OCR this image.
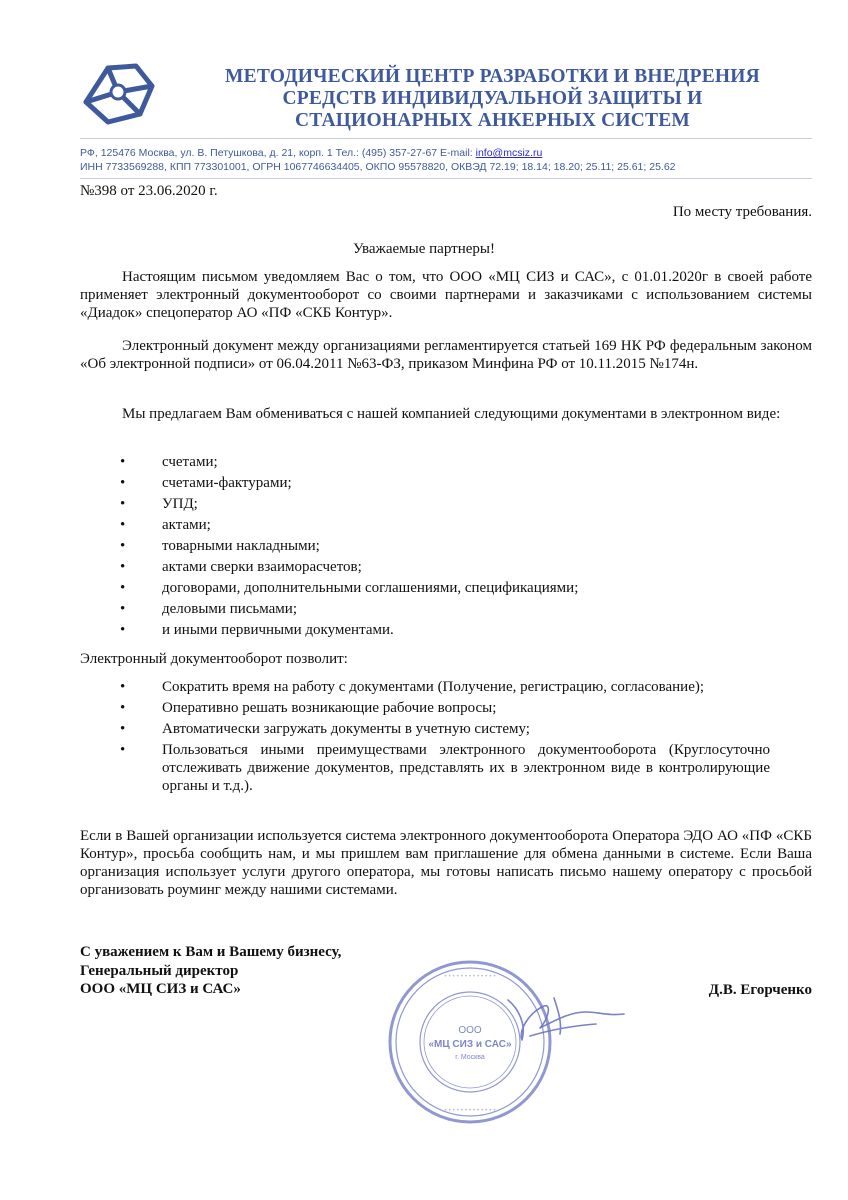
МЕТОДИЧЕСКИЙ ЦЕНТР РАЗРАБОТКИ И ВНЕДРЕНИЯ
СРЕДСТВ ИНДИВИДУАЛЬНОЙ ЗАЩИТЫ И
СТАЦИОНАРНЫХ АНКЕРНЫХ СИСТЕМ
РФ, 125476 Москва, ул. В. Петушкова, д. 21, корп. 1 Тел.: (495) 357-27-67 E-mail: info@mcsiz.ru
ИНН 7733569288, КПП 773301001, ОГРН 1067746634405, ОКПО 95578820, ОКВЭД 72.19; 18.14; 18.20; 25.11; 25.61; 25.62
№398 от 23.06.2020 г.
По месту требования.
Уважаемые партнеры!

Настоящим письмом уведомляем Вас о том, что ООО «МЦ СИЗ и САС», с 01.01.2020г в своей работе применяет электронный документооборот со своими партнерами и заказчиками с использованием системы «Диадок» спецоператор АО «ПФ «СКБ Контур».

Электронный документ между организациями регламентируется статьей 169 НК РФ федеральным законом «Об электронной подписи» от 06.04.2011 №63-ФЗ, приказом Минфина РФ от 10.11.2015 №174н.

Мы предлагаем Вам обмениваться с нашей компанией следующими документами в электронном виде:

• счетами;
• счетами-фактурами;
• УПД;
• актами;
• товарными накладными;
• актами сверки взаиморасчетов;
• договорами, дополнительными соглашениями, спецификациями;
• деловыми письмами;
• и иными первичными документами.

Электронный документооборот позволит:

• Сократить время на работу с документами (Получение, регистрацию, согласование);
• Оперативно решать возникающие рабочие вопросы;
• Автоматически загружать документы в учетную систему;
• Пользоваться иными преимуществами электронного документооборота (Круглосуточно отслеживать движение документов, представлять их в электронном виде в контролирующие органы и т.д.).

Если в Вашей организации используется система электронного документооборота Оператора ЭДО АО «ПФ «СКБ Контур», просьба сообщить нам, и мы пришлем вам приглашение для обмена данными в системе. Если Ваша организация использует услуги другого оператора, мы готовы написать письмо нашему оператору с просьбой организовать роуминг между нашими системами.

С уважением к Вам и Вашему бизнесу,
Генеральный директор
ООО «МЦ СИЗ и САС»	Д.В. Егорченко
• • • • • • • • • • • • •
• • • • • • • • • • • • •
ООО
«МЦ СИЗ и САС»
г. Москва
